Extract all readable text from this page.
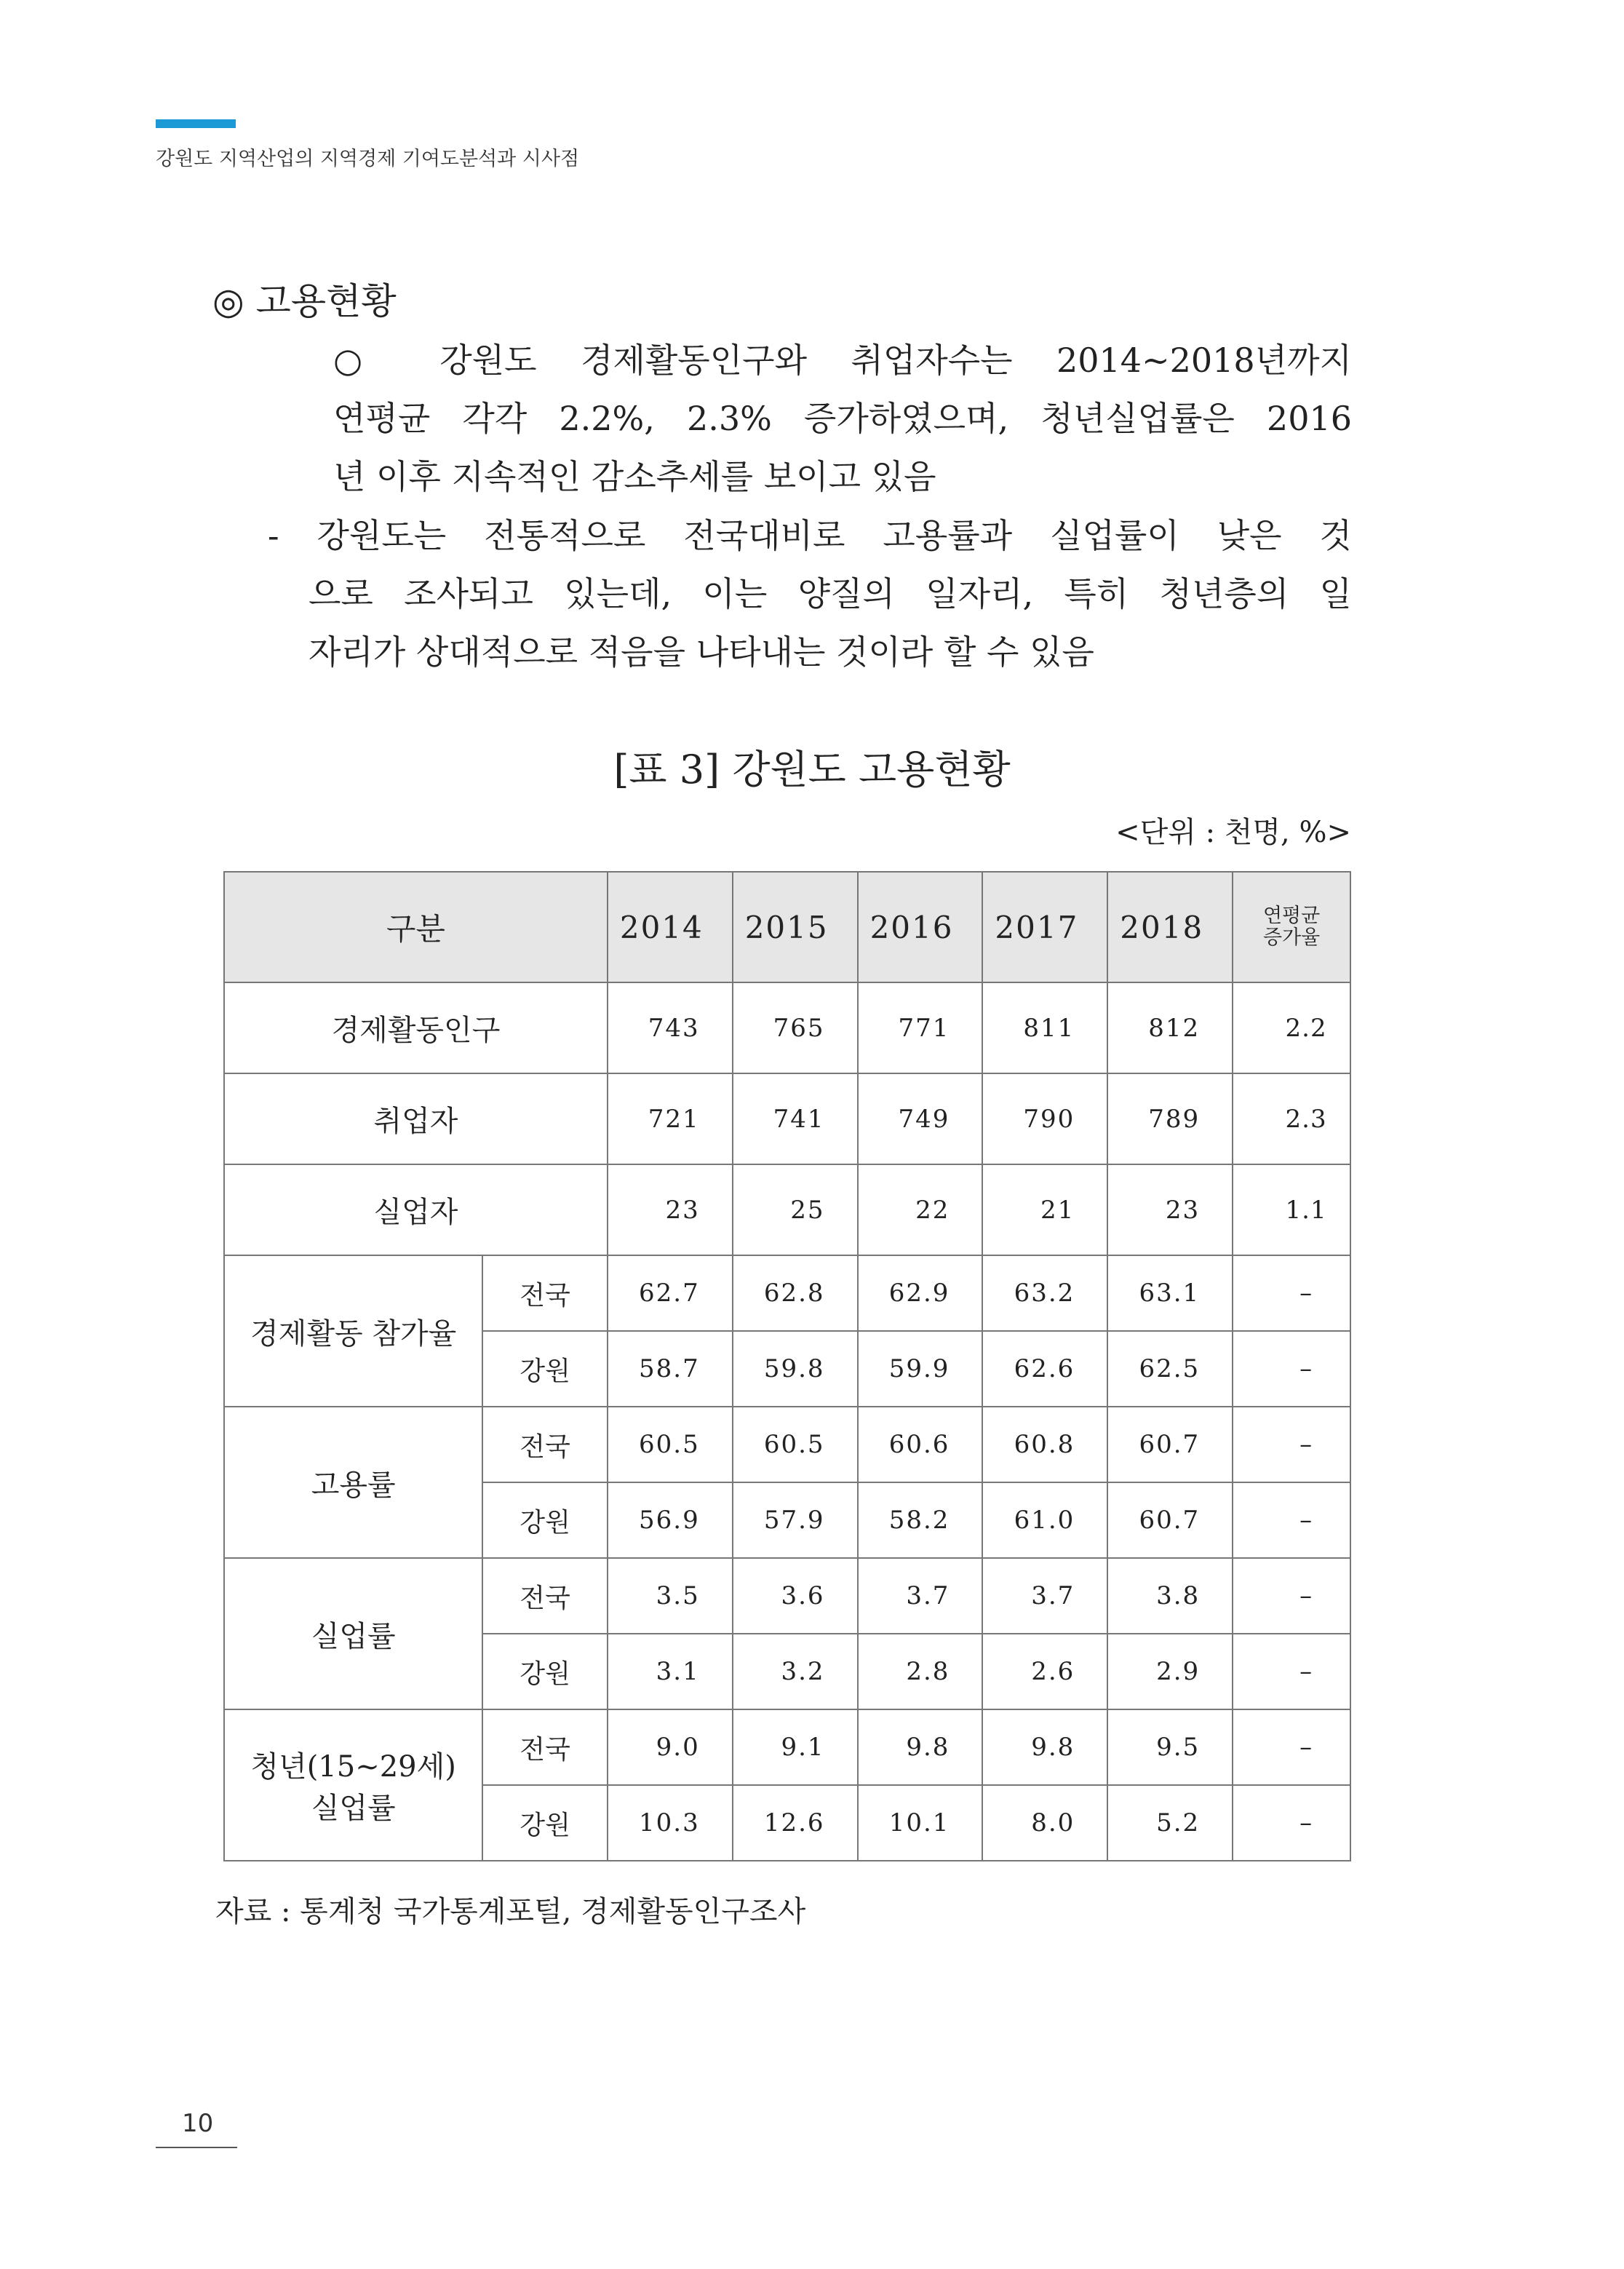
강원도 지역산업의 지역경제 기여도분석과 시사점
◎ 고용현황
○ 강원도 경제활동인구와 취업자수는 2014~2018년까지
연평균 각각 2.2%, 2.3% 증가하였으며, 청년실업률은 2016
년 이후 지속적인 감소추세를 보이고 있음
- 강원도는 전통적으로 전국대비로 고용률과 실업률이 낮은 것
으로 조사되고 있는데, 이는 양질의 일자리, 특히 청년층의 일
자리가 상대적으로 적음을 나타내는 것이라 할 수 있음
[표 3] 강원도 고용현황
<단위 : 천명, %>
구분		2014	2015	2016	2017	2018	연평균
증가율

경제활동인구		743	765	771	811	812	2.2
취업자		721	741	749	790	789	2.3
실업자		23	25	22	21	23	1.1

경제활동 참가율	전국	62.7	62.8	62.9	63.2	63.1	–
	강원	58.7	59.8	59.9	62.6	62.5	–

고용률	전국	60.5	60.5	60.6	60.8	60.7	–
	강원	56.9	57.9	58.2	61.0	60.7	–

실업률	전국	3.5	3.6	3.7	3.7	3.8	–
	강원	3.1	3.2	2.8	2.6	2.9	–

청년(15~29세)
실업률	전국	9.0	9.1	9.8	9.8	9.5	–
	강원	10.3	12.6	10.1	8.0	5.2	–
자료 : 통계청 국가통계포털, 경제활동인구조사
10
